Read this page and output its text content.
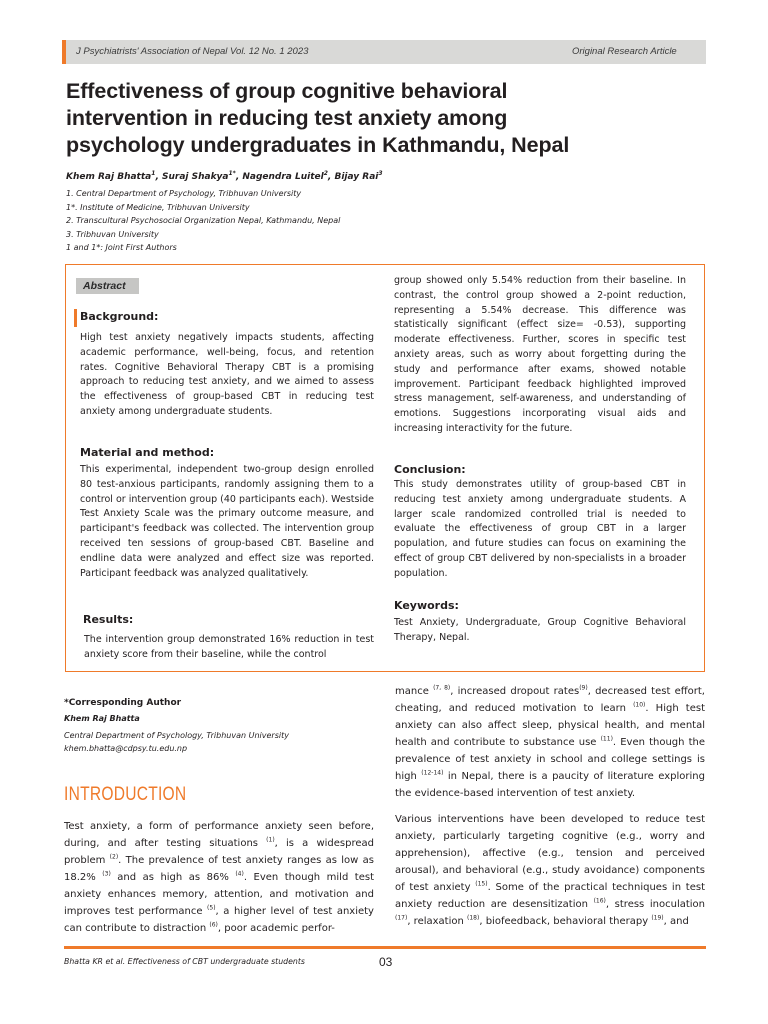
J Psychiatrists' Association of Nepal Vol. 12 No. 1 2023	Original Research Article
Effectiveness of group cognitive behavioral
intervention in reducing test anxiety among
psychology undergraduates in Kathmandu, Nepal
Khem Raj Bhatta$^1$, Suraj Shakya$^{1*}$, Nagendra Luitel$^2$, Bijay Rai$^3$
1. Central Department of Psychology, Tribhuvan University
1*. Institute of Medicine, Tribhuvan University
2. Transcultural Psychosocial Organization Nepal, Kathmandu, Nepal
3. Tribhuvan University
1 and 1*: Joint First Authors
Abstract
Background:
High test anxiety negatively impacts students, affecting academic performance, well-being, focus, and retention rates. Cognitive Behavioral Therapy CBT is a promising approach to reducing test anxiety, and we aimed to assess the effectiveness of group-based CBT in reducing test anxiety among undergraduate students.
Material and method:
This experimental, independent two-group design enrolled 80 test-anxious participants, randomly assigning them to a control or intervention group (40 participants each). Westside Test Anxiety Scale was the primary outcome measure, and participant's feedback was collected. The intervention group received ten sessions of group-based CBT. Baseline and endline data were analyzed and effect size was reported. Participant feedback was analyzed qualitatively.
Results:
The intervention group demonstrated 16% reduction in test anxiety score from their baseline, while the control
group showed only 5.54% reduction from their baseline. In contrast, the control group showed a 2-point reduction, representing a 5.54% decrease. This difference was statistically significant (effect size= -0.53), supporting moderate effectiveness. Further, scores in specific test anxiety areas, such as worry about forgetting during the study and performance after exams, showed notable improvement. Participant feedback highlighted improved stress management, self-awareness, and understanding of emotions. Suggestions incorporating visual aids and increasing interactivity for the future.
Conclusion:
This study demonstrates utility of group-based CBT in reducing test anxiety among undergraduate students. A larger scale randomized controlled trial is needed to evaluate the effectiveness of group CBT in a larger population, and future studies can focus on examining the effect of group CBT delivered by non-specialists in a broader population.
Keywords:
Test Anxiety, Undergraduate, Group Cognitive Behavioral Therapy, Nepal.
*Corresponding Author
Khem Raj Bhatta
Central Department of Psychology, Tribhuvan University
khem.bhatta@cdpsy.tu.edu.np
INTRODUCTION
Test anxiety, a form of performance anxiety seen before, during, and after testing situations $^{(1)}$, is a widespread problem $^{(2)}$. The prevalence of test anxiety ranges as low as 18.2% $^{(3)}$ and as high as 86% $^{(4)}$. Even though mild test anxiety enhances memory, attention, and motivation and improves test performance $^{(5)}$, a higher level of test anxiety can contribute to distraction $^{(6)}$, poor academic perfor-
mance $^{(7, 8)}$, increased dropout rates$^{(9)}$, decreased test effort, cheating, and reduced motivation to learn $^{(10)}$. High test anxiety can also affect sleep, physical health, and mental health and contribute to substance use $^{(11)}$. Even though the prevalence of test anxiety in school and college settings is high $^{(12-14)}$ in Nepal, there is a paucity of literature exploring the evidence-based intervention of test anxiety.
Various interventions have been developed to reduce test anxiety, particularly targeting cognitive (e.g., worry and apprehension), affective (e.g., tension and perceived arousal), and behavioral (e.g., study avoidance) components of test anxiety $^{(15)}$. Some of the practical techniques in test anxiety reduction are desensitization $^{(16)}$, stress inoculation $^{(17)}$, relaxation $^{(18)}$, biofeedback, behavioral therapy $^{(19)}$, and
Bhatta KR et al. Effectiveness of CBT undergraduate students	03
